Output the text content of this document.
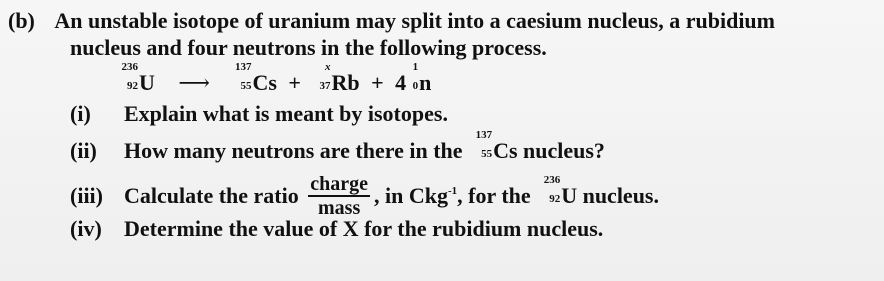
(b) An unstable isotope of uranium may split into a caesium nucleus, a rubidium
nucleus and four neutrons in the following process.
236
92 U ⟶
137
55 Cs +
x
37 Rb + 4
1
0 n
(i) Explain what is meant by isotopes.
(ii) How many neutrons are there in the
137
55 Cs nucleus?
(iii) Calculate the ratio $\frac{\text{charge}}{\text{mass}}$ , in Ckg$^{-1}$, for the
236
92 U nucleus.
(iv) Determine the value of X for the rubidium nucleus.
